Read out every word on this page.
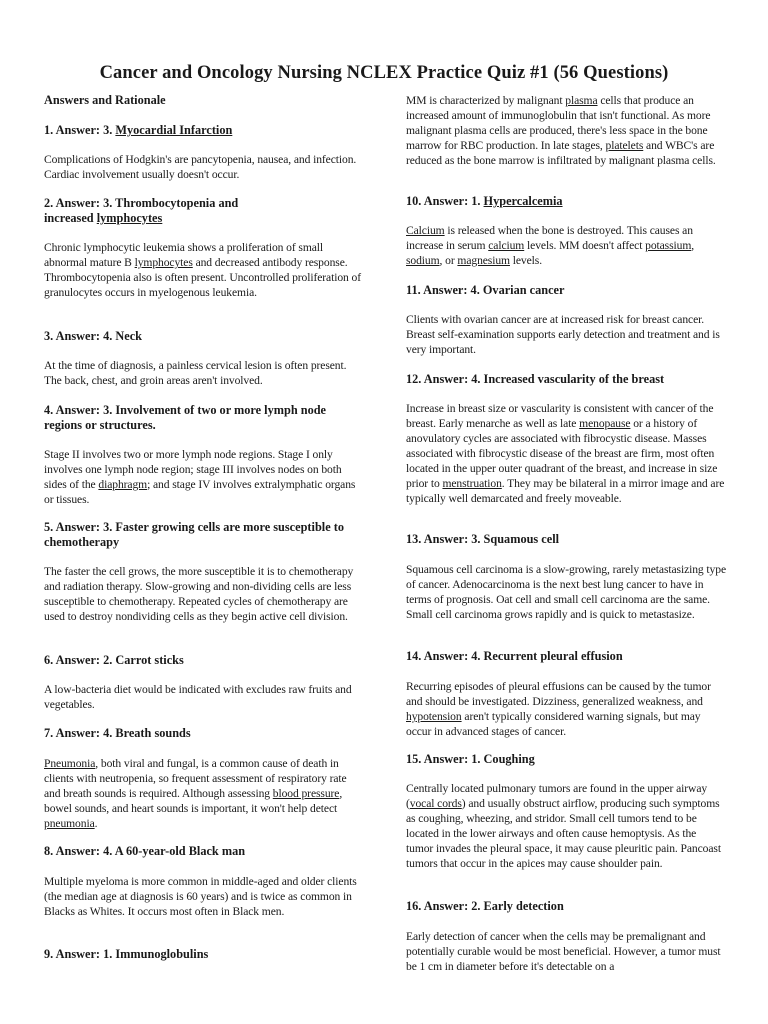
Cancer and Oncology Nursing NCLEX Practice Quiz #1 (56 Questions)
Answers and Rationale
1. Answer: 3. Myocardial Infarction
Complications of Hodgkin's are pancytopenia, nausea, and infection. Cardiac involvement usually doesn't occur.
2. Answer: 3. Thrombocytopenia and
increased lymphocytes
Chronic lymphocytic leukemia shows a proliferation of small abnormal mature B lymphocytes and decreased antibody response. Thrombocytopenia also is often present. Uncontrolled proliferation of granulocytes occurs in myelogenous leukemia.
3. Answer: 4. Neck
At the time of diagnosis, a painless cervical lesion is often present. The back, chest, and groin areas aren't involved.
4. Answer: 3. Involvement of two or more lymph node regions or structures.
Stage II involves two or more lymph node regions. Stage I only involves one lymph node region; stage III involves nodes on both sides of the diaphragm; and stage IV involves extralymphatic organs or tissues.
5. Answer: 3. Faster growing cells are more susceptible to chemotherapy
The faster the cell grows, the more susceptible it is to chemotherapy and radiation therapy. Slow-growing and non-dividing cells are less susceptible to chemotherapy. Repeated cycles of chemotherapy are used to destroy nondividing cells as they begin active cell division.
6. Answer: 2. Carrot sticks
A low-bacteria diet would be indicated with excludes raw fruits and vegetables.
7. Answer: 4. Breath sounds
Pneumonia, both viral and fungal, is a common cause of death in clients with neutropenia, so frequent assessment of respiratory rate and breath sounds is required. Although assessing blood pressure, bowel sounds, and heart sounds is important, it won't help detect pneumonia.
8. Answer: 4. A 60-year-old Black man
Multiple myeloma is more common in middle-aged and older clients (the median age at diagnosis is 60 years) and is twice as common in Blacks as Whites. It occurs most often in Black men.
9. Answer: 1. Immunoglobulins
MM is characterized by malignant plasma cells that produce an increased amount of immunoglobulin that isn't functional. As more malignant plasma cells are produced, there's less space in the bone marrow for RBC production. In late stages, platelets and WBC's are reduced as the bone marrow is infiltrated by malignant plasma cells.
10. Answer: 1. Hypercalcemia
Calcium is released when the bone is destroyed. This causes an increase in serum calcium levels. MM doesn't affect potassium, sodium, or magnesium levels.
11. Answer: 4. Ovarian cancer
Clients with ovarian cancer are at increased risk for breast cancer. Breast self-examination supports early detection and treatment and is very important.
12. Answer: 4. Increased vascularity of the breast
Increase in breast size or vascularity is consistent with cancer of the breast. Early menarche as well as late menopause or a history of anovulatory cycles are associated with fibrocystic disease. Masses associated with fibrocystic disease of the breast are firm, most often located in the upper outer quadrant of the breast, and increase in size prior to menstruation. They may be bilateral in a mirror image and are typically well demarcated and freely moveable.
13. Answer: 3. Squamous cell
Squamous cell carcinoma is a slow-growing, rarely metastasizing type of cancer. Adenocarcinoma is the next best lung cancer to have in terms of prognosis. Oat cell and small cell carcinoma are the same. Small cell carcinoma grows rapidly and is quick to metastasize.
14. Answer: 4. Recurrent pleural effusion
Recurring episodes of pleural effusions can be caused by the tumor and should be investigated. Dizziness, generalized weakness, and hypotension aren't typically considered warning signals, but may occur in advanced stages of cancer.
15. Answer: 1. Coughing
Centrally located pulmonary tumors are found in the upper airway (vocal cords) and usually obstruct airflow, producing such symptoms as coughing, wheezing, and stridor. Small cell tumors tend to be located in the lower airways and often cause hemoptysis. As the tumor invades the pleural space, it may cause pleuritic pain. Pancoast tumors that occur in the apices may cause shoulder pain.
16. Answer: 2. Early detection
Early detection of cancer when the cells may be premalignant and potentially curable would be most beneficial. However, a tumor must be 1 cm in diameter before it's detectable on a
